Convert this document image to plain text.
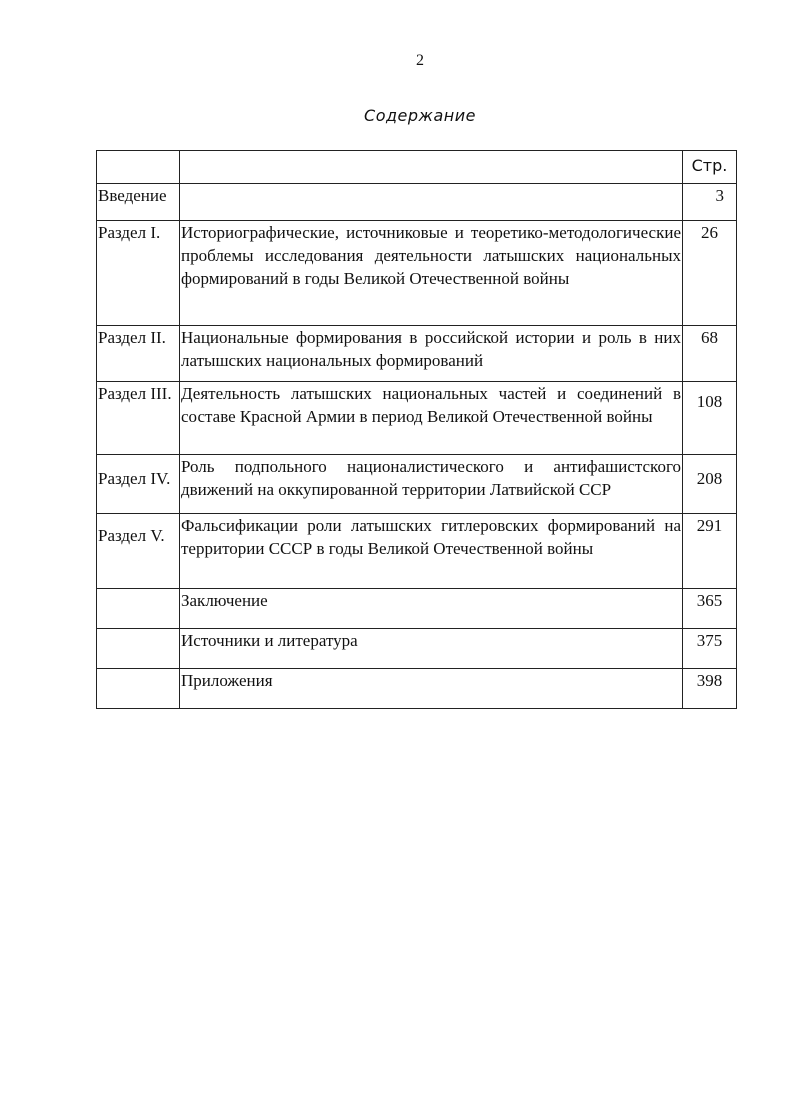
2
Содержание
		Стр.
Введение		3
Раздел I.	Историографические, источниковые и теоретико-методологические проблемы исследования деятельности латышских национальных формирований в годы Великой Отечественной войны	26
Раздел II.	Национальные формирования в российской истории и роль в них латышских национальных формирований	68
Раздел III.	Деятельность латышских национальных частей и соединений в составе Красной Армии в период Великой Отечественной войны	108
Раздел IV.	Роль подпольного националистического и антифашистского движений на оккупированной территории Латвийской ССР	208
Раздел V.	Фальсификации роли латышских гитлеровских формирований на территории СССР в годы Великой Отечественной войны	291
	Заключение	365
	Источники и литература	375
	Приложения	398
